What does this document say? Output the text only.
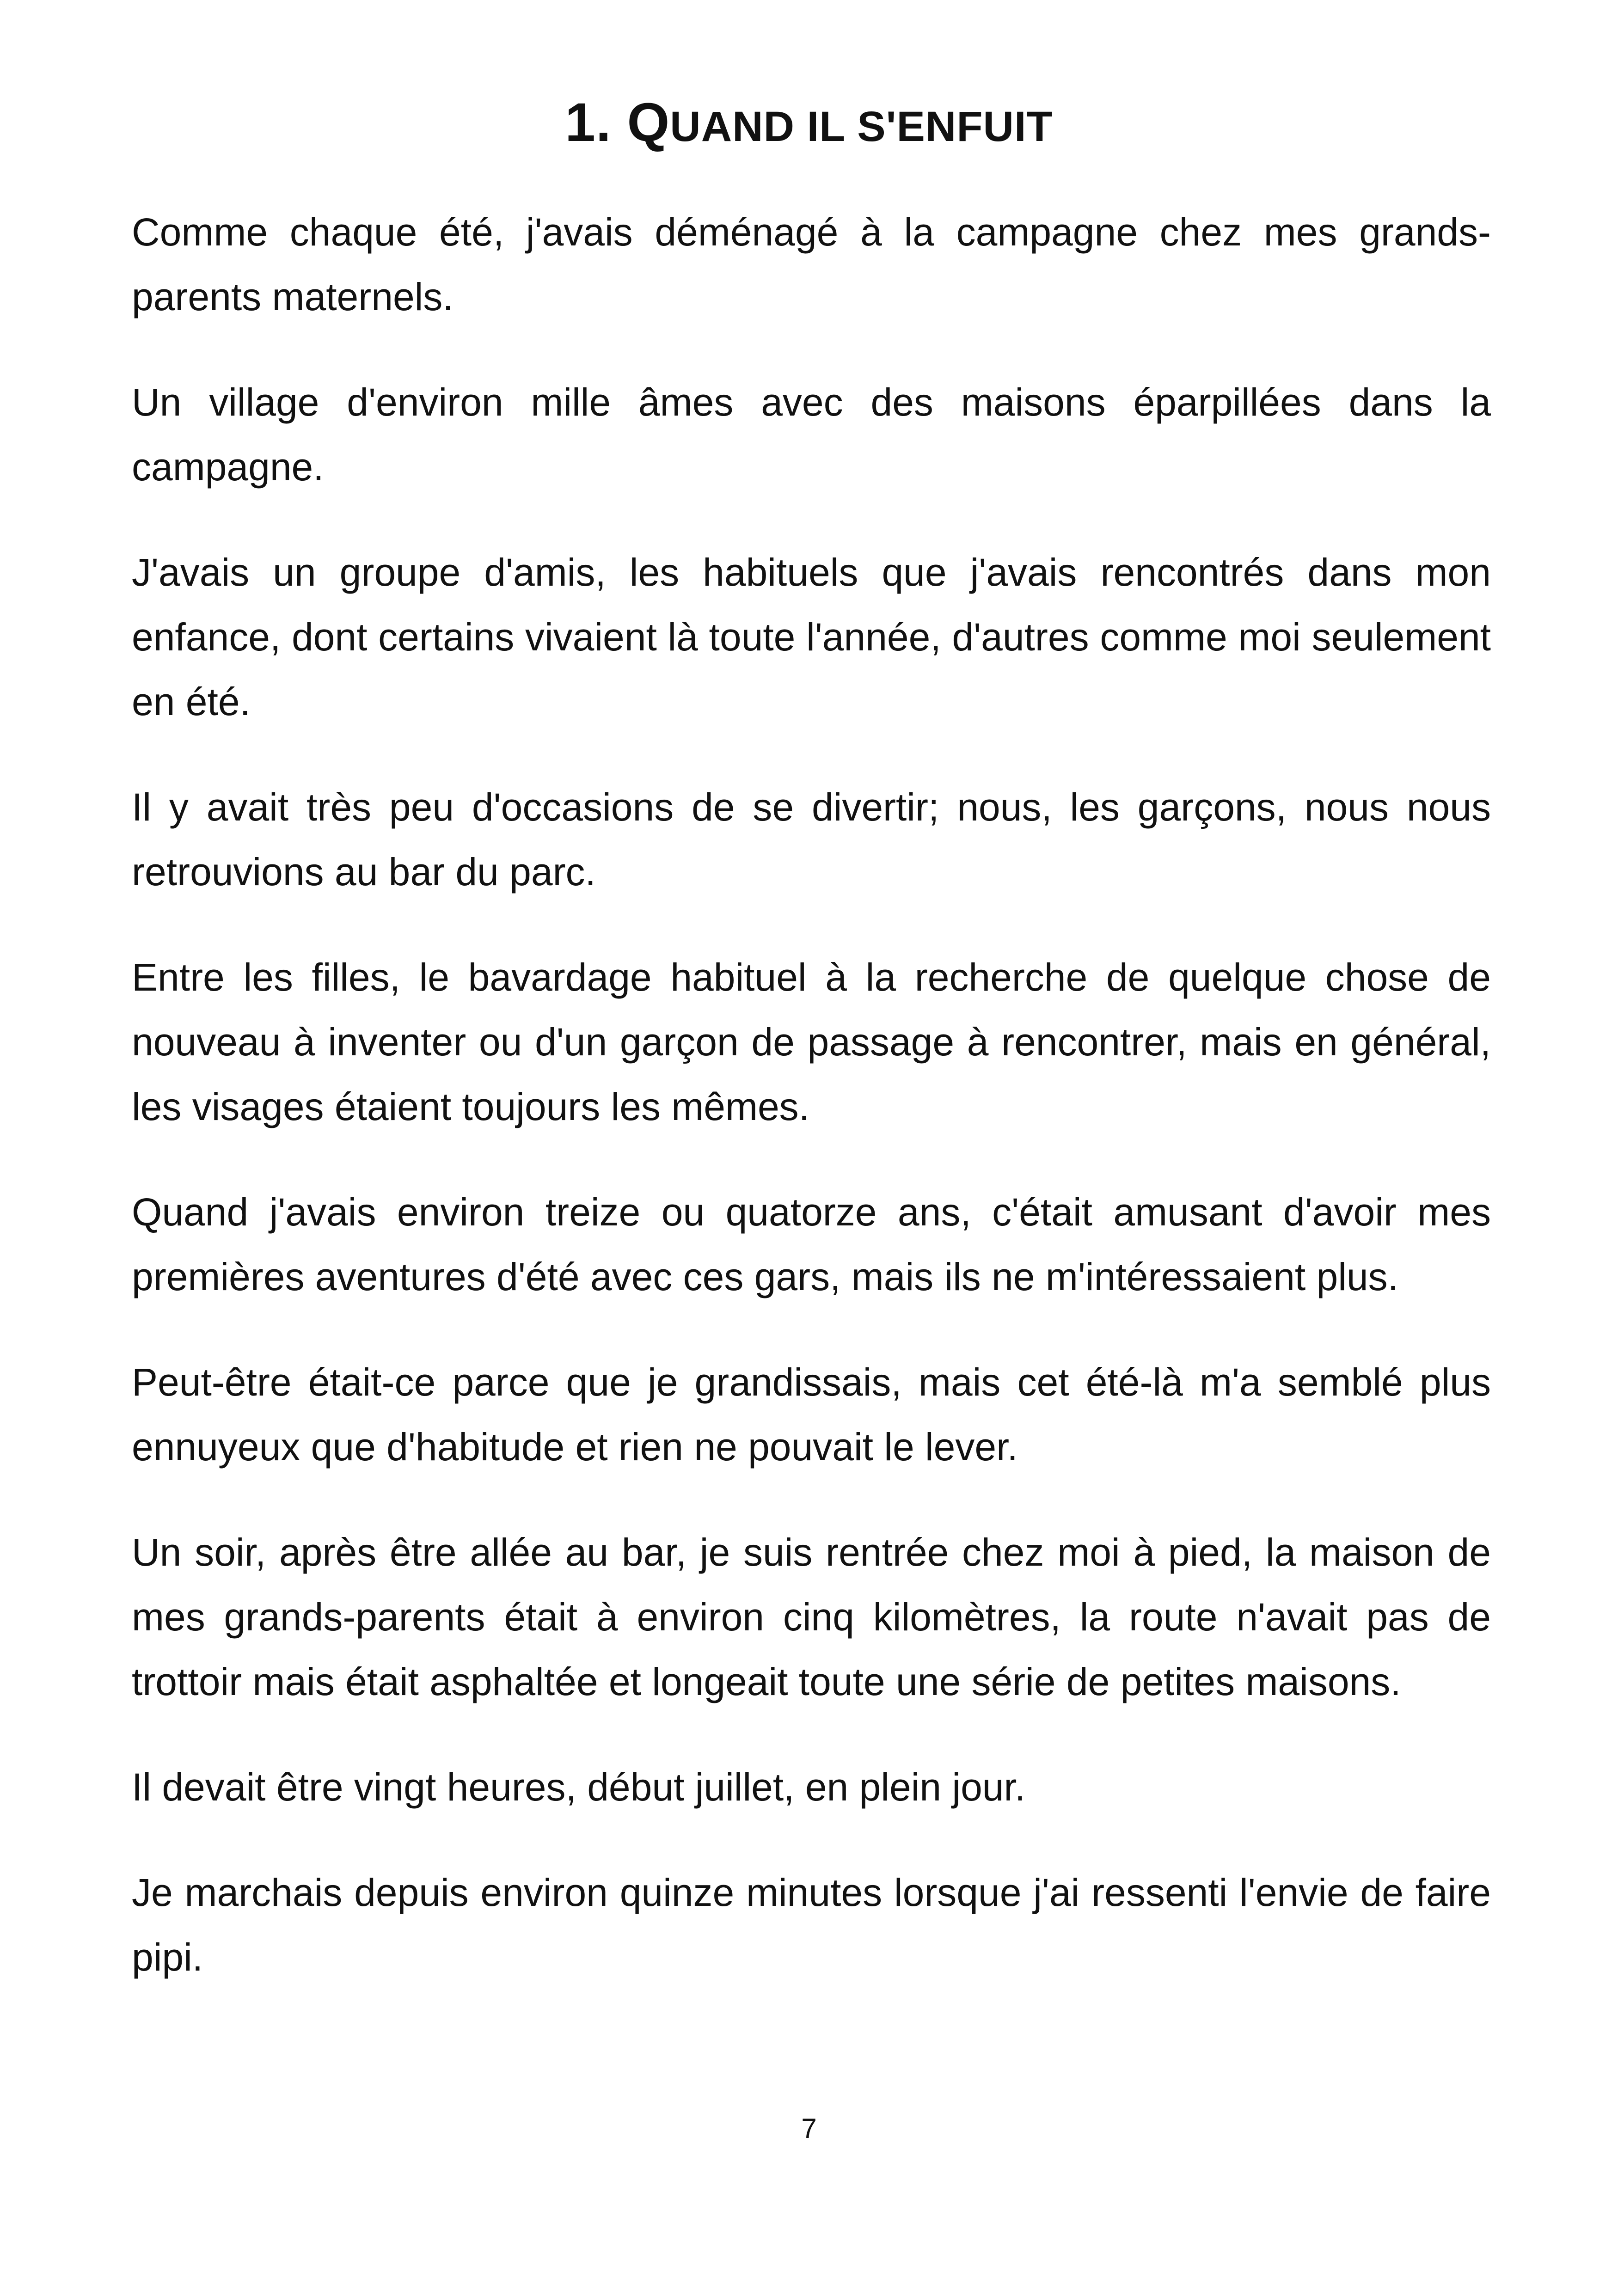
1. QUAND IL S'ENFUIT

Comme chaque été, j'avais déménagé à la campagne chez mes grands-parents maternels.

Un village d'environ mille âmes avec des maisons éparpillées dans la campagne.

J'avais un groupe d'amis, les habituels que j'avais rencontrés dans mon enfance, dont certains vivaient là toute l'année, d'autres comme moi seulement en été.

Il y avait très peu d'occasions de se divertir; nous, les garçons, nous nous retrouvions au bar du parc.

Entre les filles, le bavardage habituel à la recherche de quelque chose de nouveau à inventer ou d'un garçon de passage à rencontrer, mais en général, les visages étaient toujours les mêmes.

Quand j'avais environ treize ou quatorze ans, c'était amusant d'avoir mes premières aventures d'été avec ces gars, mais ils ne m'intéressaient plus.

Peut-être était-ce parce que je grandissais, mais cet été-là m'a semblé plus ennuyeux que d'habitude et rien ne pouvait le lever.

Un soir, après être allée au bar, je suis rentrée chez moi à pied, la maison de mes grands-parents était à environ cinq kilomètres, la route n'avait pas de trottoir mais était asphaltée et longeait toute une série de petites maisons.

Il devait être vingt heures, début juillet, en plein jour.

Je marchais depuis environ quinze minutes lorsque j'ai ressenti l'envie de faire pipi.

7
